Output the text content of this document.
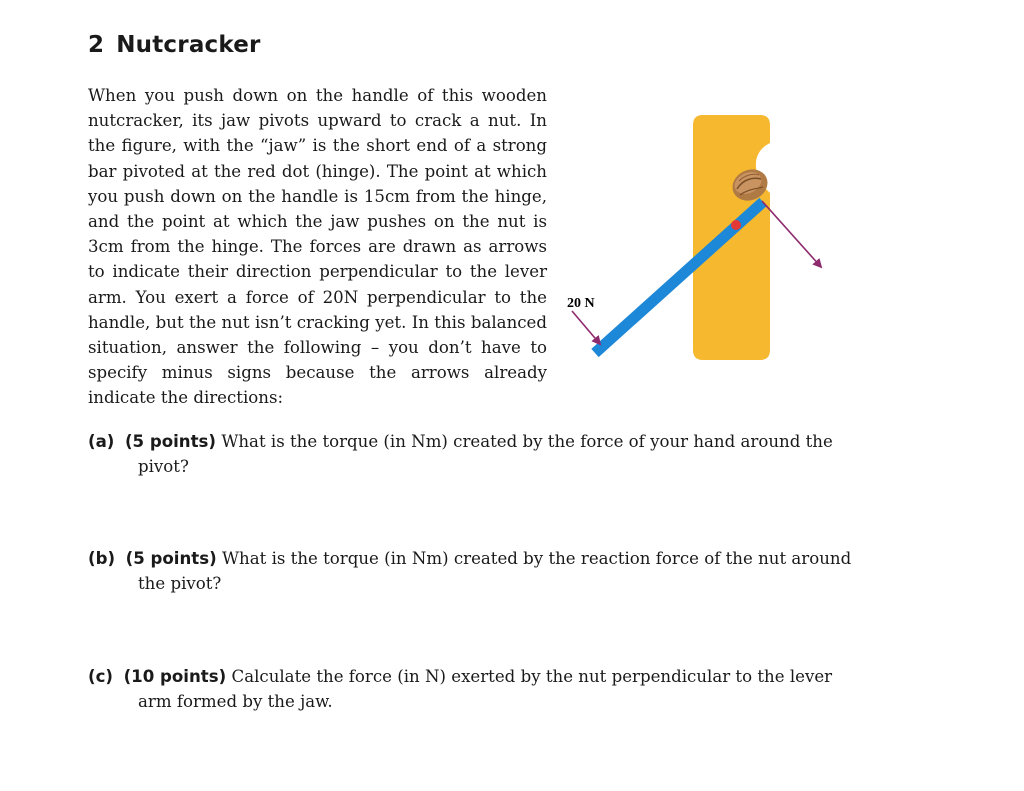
2 Nutcracker
When you push down on the handle of this wooden nutcracker, its jaw pivots upward to crack a nut. In the figure, with the “jaw” is the short end of a strong bar pivoted at the red dot (hinge). The point at which you push down on the handle is 15cm from the hinge, and the point at which the jaw pushes on the nut is 3cm from the hinge. The forces are drawn as arrows to indicate their direction perpendicular to the lever arm. You exert a force of 20N perpendicular to the handle, but the nut isn’t cracking yet. In this balanced situation, answer the following – you don’t have to specify minus signs because the arrows already indicate the directions:
20 N
(a) (5 points) What is the torque (in Nm) created by the force of your hand around the
pivot?
(b) (5 points) What is the torque (in Nm) created by the reaction force of the nut around
the pivot?
(c) (10 points) Calculate the force (in N) exerted by the nut perpendicular to the lever
arm formed by the jaw.
